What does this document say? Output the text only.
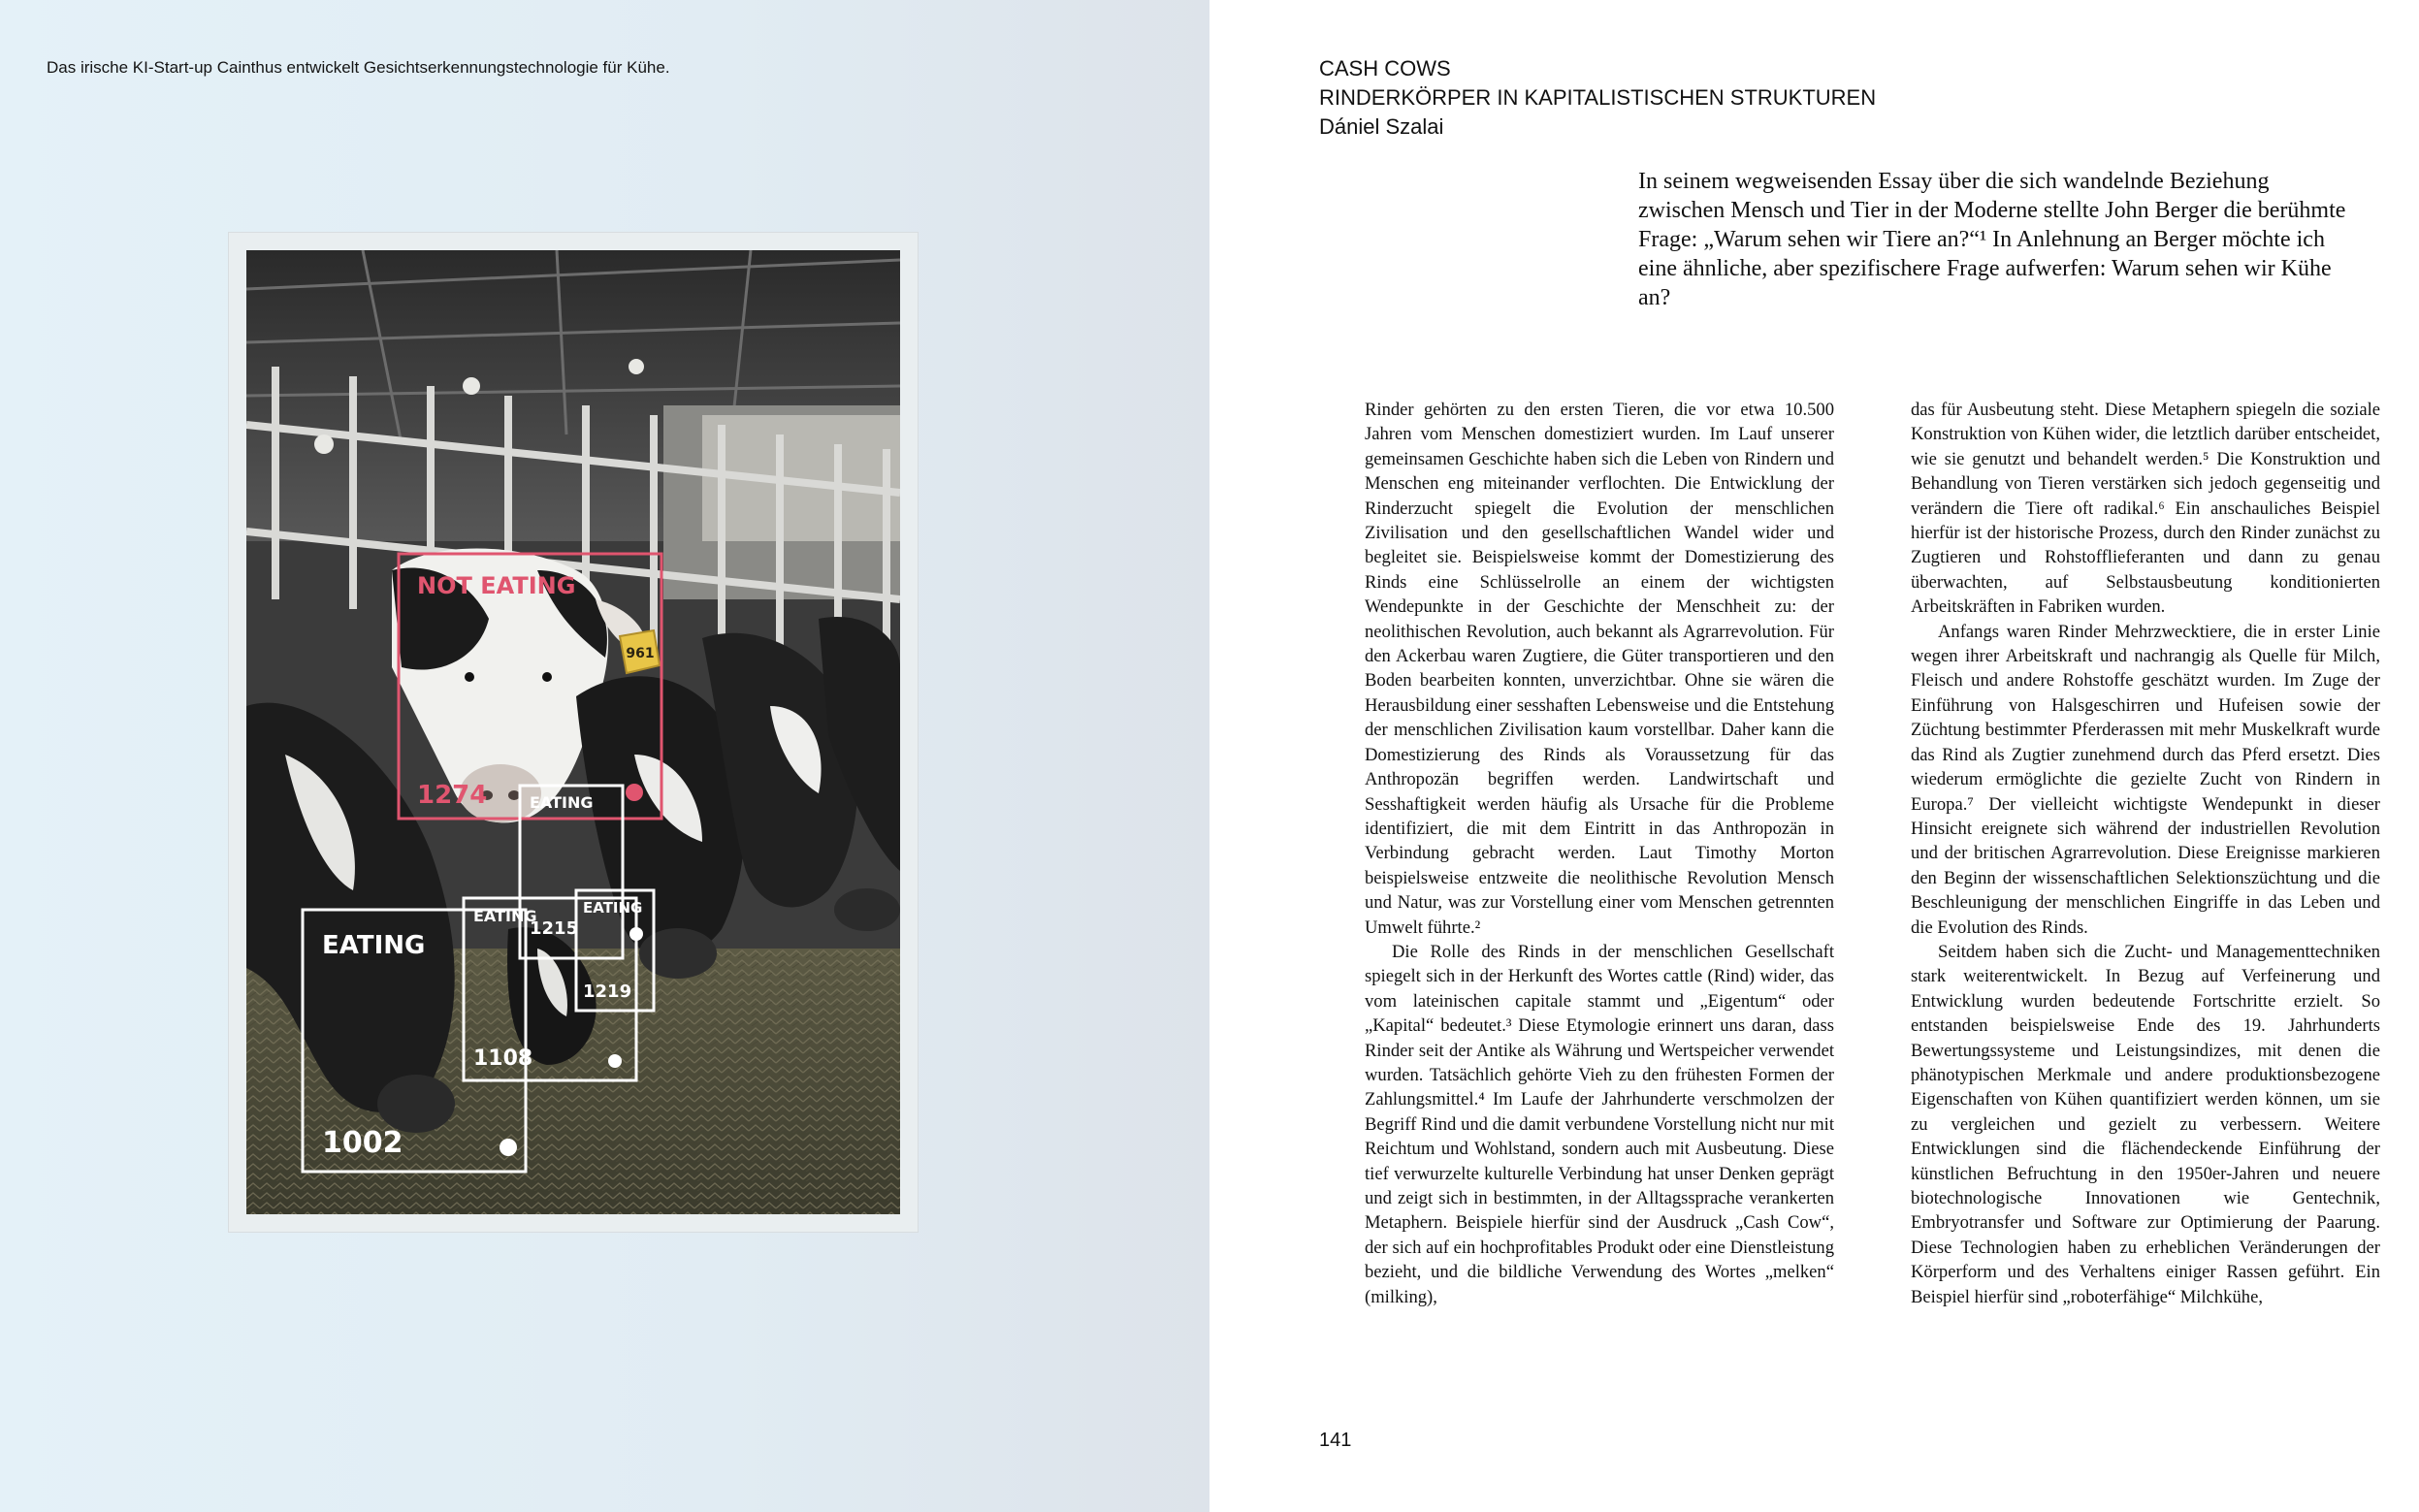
Das irische KI-Start-up Cainthus entwickelt Gesichtserkennungstechnologie für Kühe.

961
NOT EATING
1274	EATING
1215
EATING
1219
EATING
1002
EATING
1108
CASH COWS
RINDERKÖRPER IN KAPITALISTISCHEN STRUKTUREN
Dániel Szalai

In seinem wegweisenden Essay über die sich wandelnde Beziehung zwischen Mensch und Tier in der Moderne stellte John Berger die berühmte Frage: „Warum sehen wir Tiere an?“¹ In Anlehnung an Berger möchte ich eine ähnliche, aber spezifischere Frage aufwerfen: Warum sehen wir Kühe an?

Rinder gehörten zu den ersten Tieren, die vor etwa 10.500 Jahren vom Menschen domestiziert wurden. Im Lauf unserer gemeinsamen Geschichte haben sich die Leben von Rindern und Menschen eng miteinander verflochten. Die Entwicklung der Rinderzucht spiegelt die Evolution der menschlichen Zivilisation und den gesellschaftlichen Wandel wider und begleitet sie. Beispielsweise kommt der Domestizierung des Rinds eine Schlüsselrolle an einem der wichtigsten Wendepunkte in der Geschichte der Menschheit zu: der neolithischen Revolution, auch bekannt als Agrarrevolution. Für den Ackerbau waren Zugtiere, die Güter transportieren und den Boden bearbeiten konnten, unverzichtbar. Ohne sie wären die Herausbildung einer sesshaften Lebensweise und die Entstehung der menschlichen Zivilisation kaum vorstellbar. Daher kann die Domestizierung des Rinds als Voraussetzung für das Anthropozän begriffen werden. Landwirtschaft und Sesshaftigkeit werden häufig als Ursache für die Probleme identifiziert, die mit dem Eintritt in das Anthropozän in Verbindung gebracht werden. Laut Timothy Morton beispielsweise entzweite die neolithische Revolution Mensch und Natur, was zur Vorstellung einer vom Menschen getrennten Umwelt führte.²

Die Rolle des Rinds in der menschlichen Gesellschaft spiegelt sich in der Herkunft des Wortes cattle (Rind) wider, das vom lateinischen capitale stammt und „Eigentum“ oder „Kapital“ bedeutet.³ Diese Etymologie erinnert uns daran, dass Rinder seit der Antike als Währung und Wertspeicher verwendet wurden. Tatsächlich gehörte Vieh zu den frühesten Formen der Zahlungsmittel.⁴ Im Laufe der Jahrhunderte verschmolzen der Begriff Rind und die damit verbundene Vorstellung nicht nur mit Reichtum und Wohlstand, sondern auch mit Ausbeutung. Diese tief verwurzelte kulturelle Verbindung hat unser Denken geprägt und zeigt sich in bestimmten, in der Alltagssprache verankerten Metaphern. Beispiele hierfür sind der Ausdruck „Cash Cow“, der sich auf ein hochprofitables Produkt oder eine Dienstleistung bezieht, und die bildliche Verwendung des Wortes „melken“ (milking),

das für Ausbeutung steht. Diese Metaphern spiegeln die soziale Konstruktion von Kühen wider, die letztlich darüber entscheidet, wie sie genutzt und behandelt werden.⁵ Die Konstruktion und Behandlung von Tieren verstärken sich jedoch gegenseitig und verändern die Tiere oft radikal.⁶ Ein anschauliches Beispiel hierfür ist der historische Prozess, durch den Rinder zunächst zu Zugtieren und Rohstofflieferanten und dann zu genau überwachten, auf Selbstausbeutung konditionierten Arbeitskräften in Fabriken wurden.

Anfangs waren Rinder Mehrzwecktiere, die in erster Linie wegen ihrer Arbeitskraft und nachrangig als Quelle für Milch, Fleisch und andere Rohstoffe geschätzt wurden. Im Zuge der Einführung von Halsgeschirren und Hufeisen sowie der Züchtung bestimmter Pferderassen mit mehr Muskelkraft wurde das Rind als Zugtier zunehmend durch das Pferd ersetzt. Dies wiederum ermöglichte die gezielte Zucht von Rindern in Europa.⁷ Der vielleicht wichtigste Wendepunkt in dieser Hinsicht ereignete sich während der industriellen Revolution und der britischen Agrarrevolution. Diese Ereignisse markieren den Beginn der wissenschaftlichen Selektionszüchtung und die Beschleunigung der menschlichen Eingriffe in das Leben und die Evolution des Rinds.

Seitdem haben sich die Zucht- und Managementtechniken stark weiterentwickelt. In Bezug auf Verfeinerung und Entwicklung wurden bedeutende Fortschritte erzielt. So entstanden beispielsweise Ende des 19. Jahrhunderts Bewertungssysteme und Leistungsindizes, mit denen die phänotypischen Merkmale und andere produktionsbezogene Eigenschaften von Kühen quantifiziert werden können, um sie zu vergleichen und gezielt zu verbessern. Weitere Entwicklungen sind die flächendeckende Einführung der künstlichen Befruchtung in den 1950er-Jahren und neuere biotechnologische Innovationen wie Gentechnik, Embryotransfer und Software zur Optimierung der Paarung. Diese Technologien haben zu erheblichen Veränderungen der Körperform und des Verhaltens einiger Rassen geführt. Ein Beispiel hierfür sind „roboterfähige“ Milchkühe,

141
